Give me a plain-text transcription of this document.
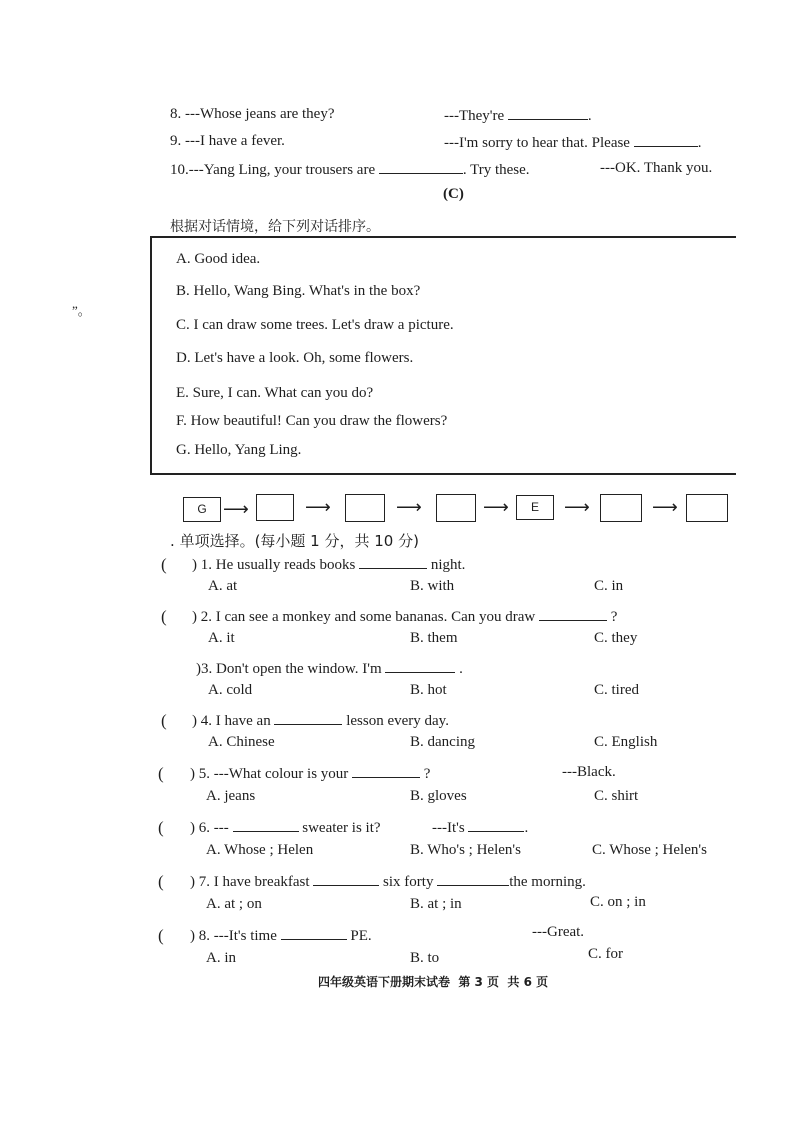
8. ---Whose jeans are they?	---They're	.
9. ---I have a fever.	---I'm sorry to hear that. Please	.
10.---Yang Ling, your trousers are	. Try these.	---OK. Thank you.
(C)
根据对话情境，给下列对话排序。
”。
A. Good idea.
B. Hello, Wang Bing. What's in the box?
C. I can draw some trees. Let's draw a picture.
D. Let's have a look. Oh, some flowers.
E. Sure, I can. What can you do?
F. How beautiful! Can you draw the flowers?
G. Hello, Yang Ling.
G ⟶	⟶	⟶	⟶	E	⟶	⟶
. 单项选择。(每小题 1 分，共 10 分)
( ) 1. He usually reads books	night.
A. at	B. with	C. in
( ) 2. I can see a monkey and some bananas. Can you draw	?
A. it	B. them	C. they
)3. Don't open the window. I'm	.
A. cold	B. hot	C. tired
( ) 4. I have an	lesson every day.
A. Chinese	B. dancing	C. English
( ) 5. ---What colour is your	?	---Black.
A. jeans	B. gloves	C. shirt
( ) 6. ---	sweater is it?	---It's	.
A. Whose ; Helen	B. Who's ; Helen's	C. Whose ; Helen's
( ) 7. I have breakfast	six forty	the morning.
A. at ; on	B. at ; in	C. on ; in
( ) 8. ---It's time	PE.	---Great.
A. in	B. to	C. for
四年级英语下册期末试卷  第 3 页  共 6 页
